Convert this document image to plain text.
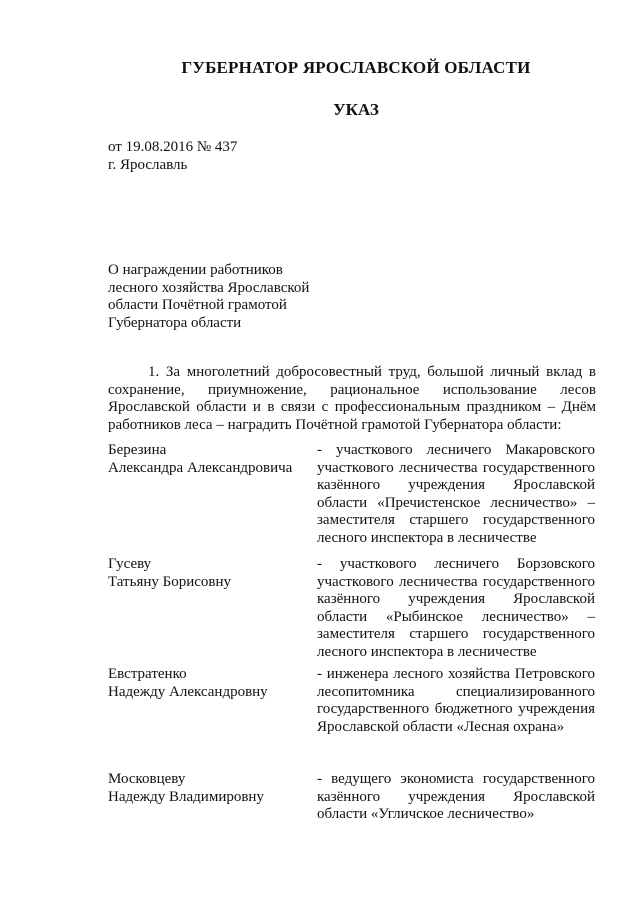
ГУБЕРНАТОР ЯРОСЛАВСКОЙ ОБЛАСТИ
УКАЗ
от 19.08.2016 № 437
г. Ярославль
О награждении работников
лесного хозяйства Ярославской
области Почётной грамотой
Губернатора области

1. За многолетний добросовестный труд, большой личный вклад в сохранение, приумножение, рациональное использование лесов Ярославской области и в связи с профессиональным праздником – Днём работников леса – наградить Почётной грамотой Губернатора области:

Березина
Александра Александровича

- участкового лесничего Макаровского участкового лесничества государственного казённого учреждения Ярославской области «Пречистенское лесничество» – заместителя старшего государственного лесного инспектора в лесничестве

Гусеву
Татьяну Борисовну

- участкового лесничего Борзовского участкового лесничества государственного казённого учреждения Ярославской области «Рыбинское лесничество» – заместителя старшего государственного лесного инспектора в лесничестве

Евстратенко
Надежду Александровну

- инженера лесного хозяйства Петровского лесопитомника специализированного государственного бюджетного учреждения Ярославской области «Лесная охрана»

Московцеву
Надежду Владимировну

- ведущего экономиста государственного казённого учреждения Ярославской области «Угличское лесничество»
